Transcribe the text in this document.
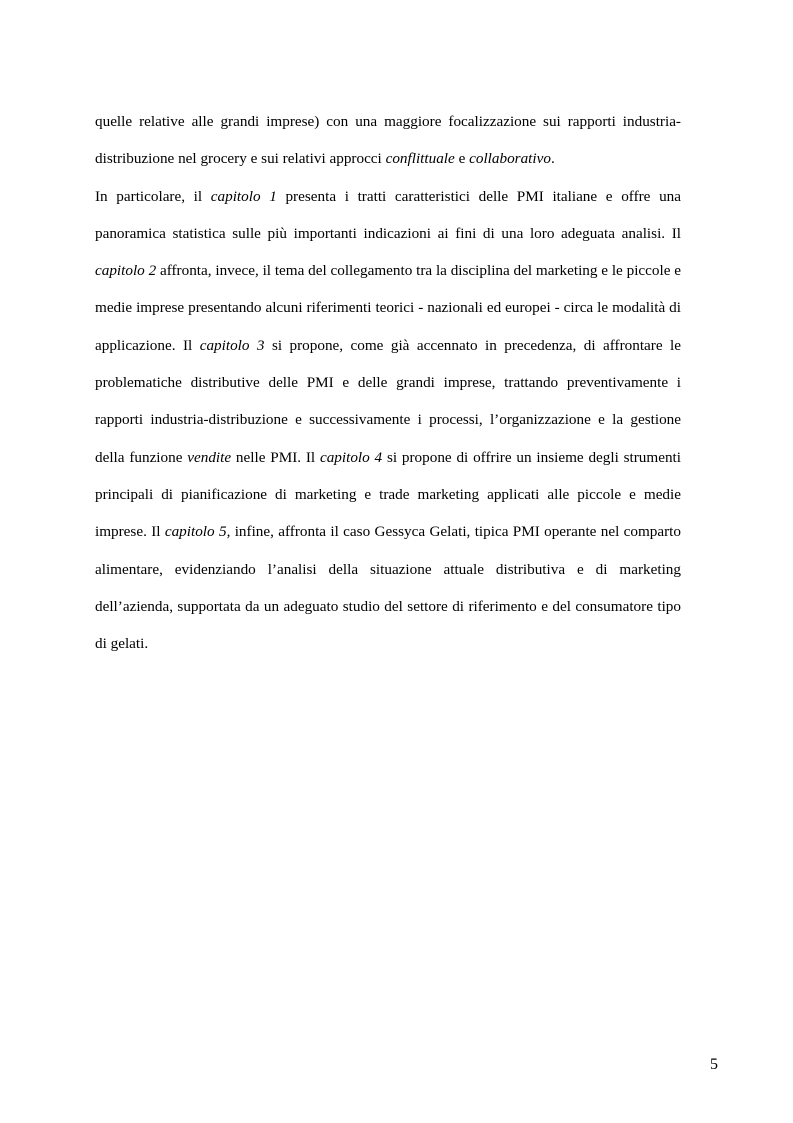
quelle relative alle grandi imprese) con una maggiore focalizzazione sui rapporti industria-distribuzione nel grocery e sui relativi approcci conflittuale e collaborativo.

In particolare, il capitolo 1 presenta i tratti caratteristici delle PMI italiane e offre una panoramica statistica sulle più importanti indicazioni ai fini di una loro adeguata analisi. Il capitolo 2 affronta, invece, il tema del collegamento tra la disciplina del marketing e le piccole e medie imprese presentando alcuni riferimenti teorici - nazionali ed europei - circa le modalità di applicazione. Il capitolo 3 si propone, come già accennato in precedenza, di affrontare le problematiche distributive delle PMI e delle grandi imprese, trattando preventivamente i rapporti industria-distribuzione e successivamente i processi, l’organizzazione e la gestione della funzione vendite nelle PMI. Il capitolo 4 si propone di offrire un insieme degli strumenti principali di pianificazione di marketing e trade marketing applicati alle piccole e medie imprese. Il capitolo 5, infine, affronta il caso Gessyca Gelati, tipica PMI operante nel comparto alimentare, evidenziando l’analisi della situazione attuale distributiva e di marketing dell’azienda, supportata da un adeguato studio del settore di riferimento e del consumatore tipo di gelati.

5
